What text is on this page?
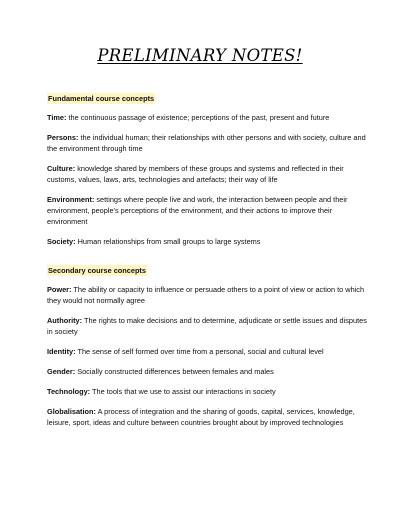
PRELIMINARY NOTES!
Fundamental course concepts
Time: the continuous passage of existence; perceptions of the past, present and future
Persons: the individual human; their relationships with other persons and with society, culture and the environment through time
Culture: knowledge shared by members of these groups and systems and reflected in their customs, values, laws, arts, technologies and artefacts; their way of life
Environment: settings where people live and work, the interaction between people and their environment, people's perceptions of the environment, and their actions to improve their environment
Society: Human relationships from small groups to large systems
Secondary course concepts
Power: The ability or capacity to influence or persuade others to a point of view or action to which they would not normally agree
Authority: The rights to make decisions and to determine, adjudicate or settle issues and disputes in society
Identity: The sense of self formed over time from a personal, social and cultural level
Gender: Socially constructed differences between females and males
Technology: The tools that we use to assist our interactions in society
Globalisation: A process of integration and the sharing of goods, capital, services, knowledge, leisure, sport, ideas and culture between countries brought about by improved technologies
